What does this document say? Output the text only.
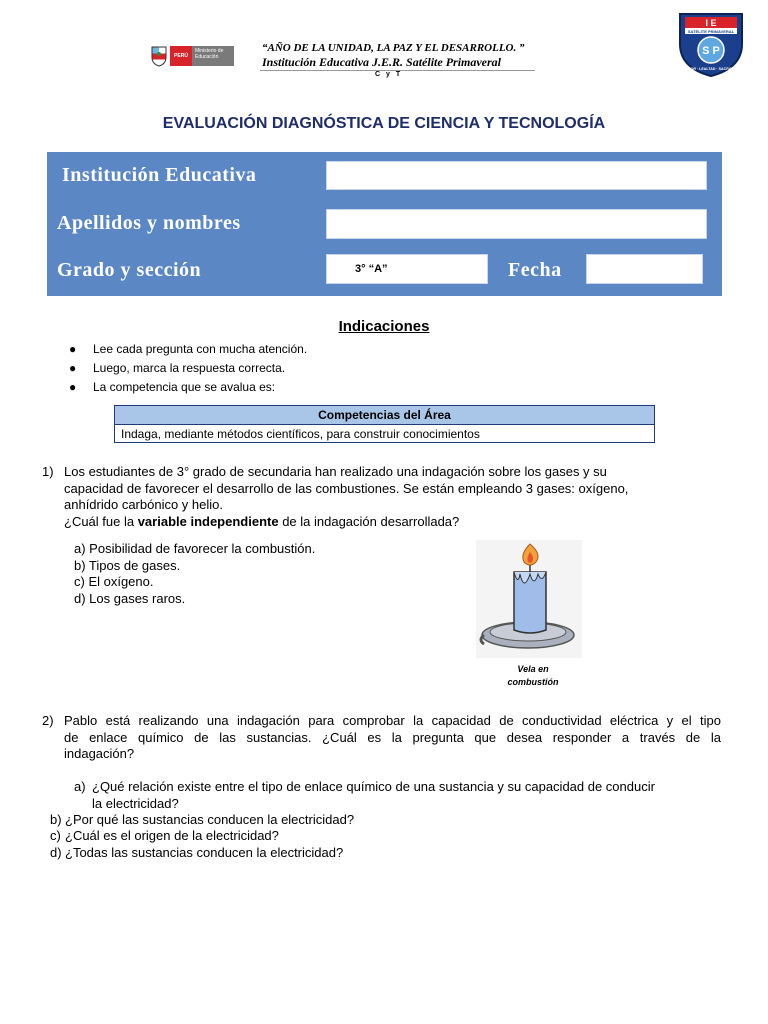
PERÚ
Ministerio de Educación
“AÑO DE LA UNIDAD, LA PAZ Y EL DESARROLLO. ”
Institución Educativa J.E.R. Satélite Primaveral
C y T
I E
SATÉLITE PRIMAVERAL
S P
HONOR · LEALTAD · SACRIFICIO
EVALUACIÓN DIAGNÓSTICA DE CIENCIA Y TECNOLOGÍA
Institución Educativa
Apellidos y nombres
Grado y sección	3° “A”	Fecha
Indicaciones
● Lee cada pregunta con mucha atención.
● Luego, marca la respuesta correcta.
● La competencia que se avalua es:
Competencias del Área
Indaga, mediante métodos científicos, para construir conocimientos
1) Los estudiantes de 3° grado de secundaria han realizado una indagación sobre los gases y su
capacidad de favorecer el desarrollo de las combustiones. Se están empleando 3 gases: oxígeno,
anhídrido carbónico y helio.
¿Cuál fue la variable independiente de la indagación desarrollada?
a) Posibilidad de favorecer la combustión.
b) Tipos de gases.
c) El oxígeno.
d) Los gases raros.
Vela en
combustión
2) Pablo está realizando una indagación para comprobar la capacidad de conductividad eléctrica y el tipo
de enlace químico de las sustancias. ¿Cuál es la pregunta que desea responder a través de la
indagación?
a) ¿Qué relación existe entre el tipo de enlace químico de una sustancia y su capacidad de conducir
la electricidad?
b) ¿Por qué las sustancias conducen la electricidad?
c) ¿Cuál es el origen de la electricidad?
d) ¿Todas las sustancias conducen la electricidad?
